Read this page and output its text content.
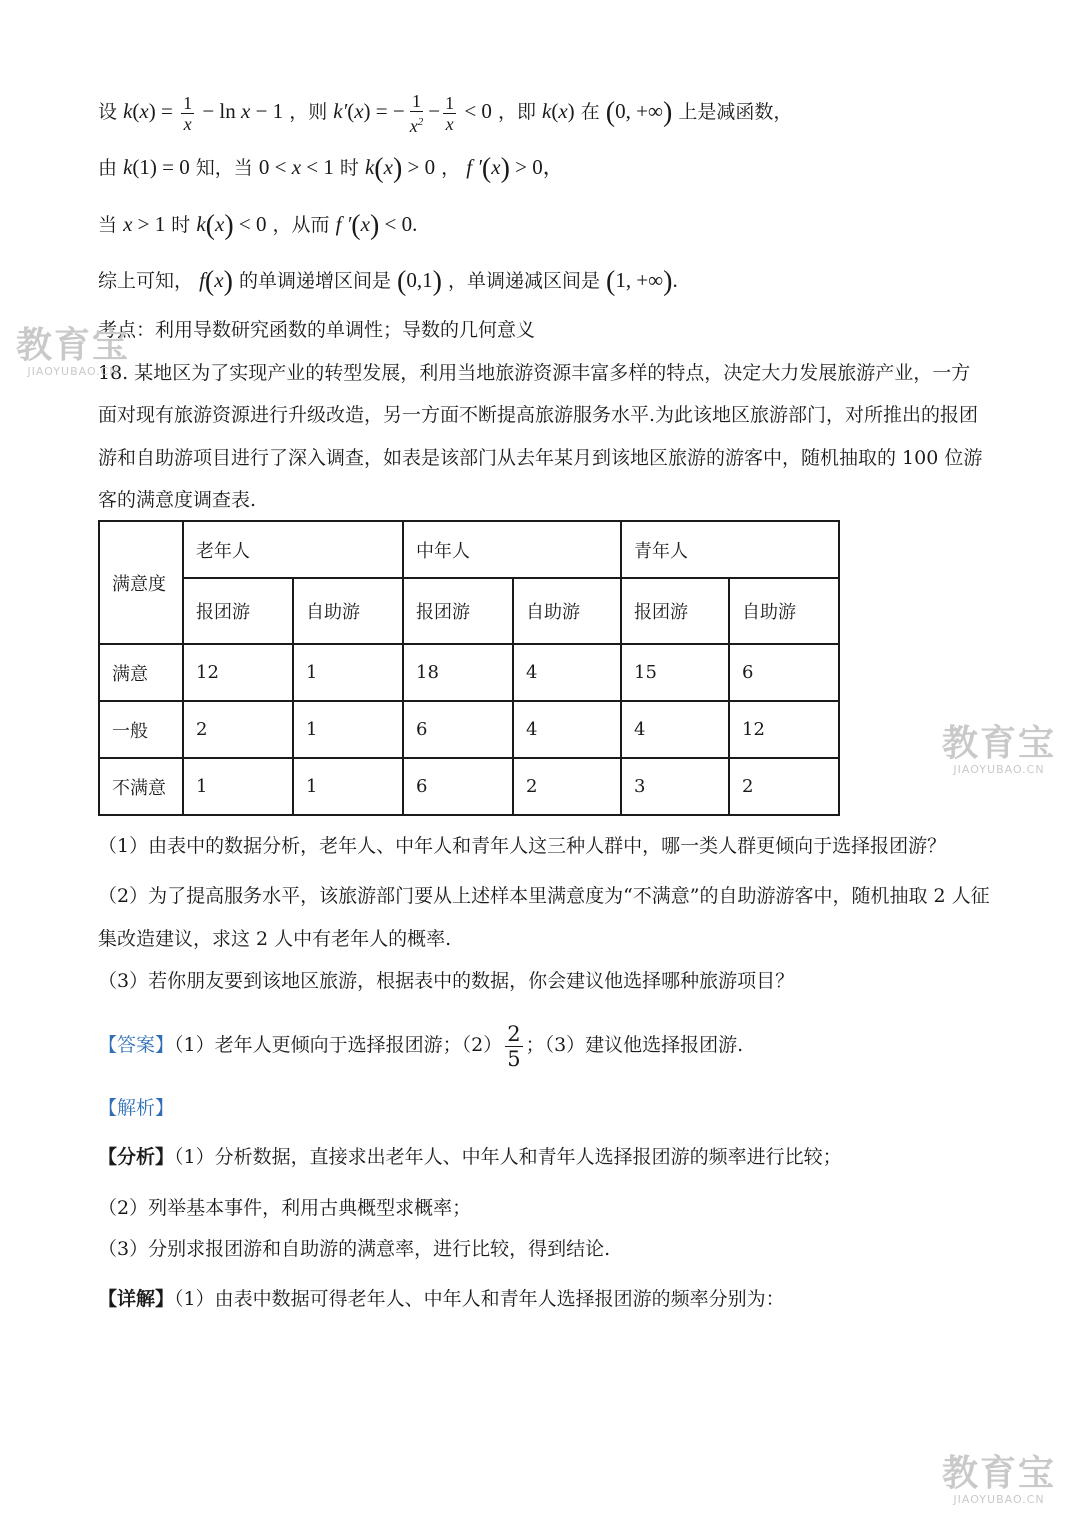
设 $k(x) = \frac{1}{x} - \ln x - 1$ ，则 k′(x) = − $\frac{1}{x^2} - \frac{1}{x} < 0$ ，即 k(x) 在 (0, +∞) 上是减函数，
由 k(1) = 0 知，当 0 < x < 1 时 k(x) > 0 ， f ′(x) > 0，
当 x > 1 时 k(x) < 0 ，从而 f ′(x) < 0.
综上可知， f(x) 的单调递增区间是 (0,1) ，单调递减区间是 (1, +∞).
考点：利用导数研究函数的单调性；导数的几何意义
18. 某地区为了实现产业的转型发展，利用当地旅游资源丰富多样的特点，决定大力发展旅游产业，一方
面对现有旅游资源进行升级改造，另一方面不断提高旅游服务水平.为此该地区旅游部门，对所推出的报团
游和自助游项目进行了深入调查，如表是该部门从去年某月到该地区旅游的游客中，随机抽取的 100 位游
客的满意度调查表.
满意度	老年人		中年人		青年人	
	报团游	自助游	报团游	自助游	报团游	自助游
满意	12	1	18	4	15	6
一般	2	1	6	4	4	12
不满意	1	1	6	2	3	2
（1）由表中的数据分析，老年人、中年人和青年人这三种人群中，哪一类人群更倾向于选择报团游？
（2）为了提高服务水平，该旅游部门要从上述样本里满意度为“不满意”的自助游游客中，随机抽取 2 人征
集改造建议，求这 2 人中有老年人的概率.
（3）若你朋友要到该地区旅游，根据表中的数据，你会建议他选择哪种旅游项目？
【答案】（1）老年人更倾向于选择报团游；$(2) \frac{2}{5}$ ；（3）建议他选择报团游.
【解析】
【分析】（1）分析数据，直接求出老年人、中年人和青年人选择报团游的频率进行比较；
（2）列举基本事件，利用古典概型求概率；
（3）分别求报团游和自助游的满意率，进行比较，得到结论.
【详解】（1）由表中数据可得老年人、中年人和青年人选择报团游的频率分别为：
教育宝
JIAOYUBAO.CN
教育宝
JIAOYUBAO.CN
教育宝
JIAOYUBAO.CN
